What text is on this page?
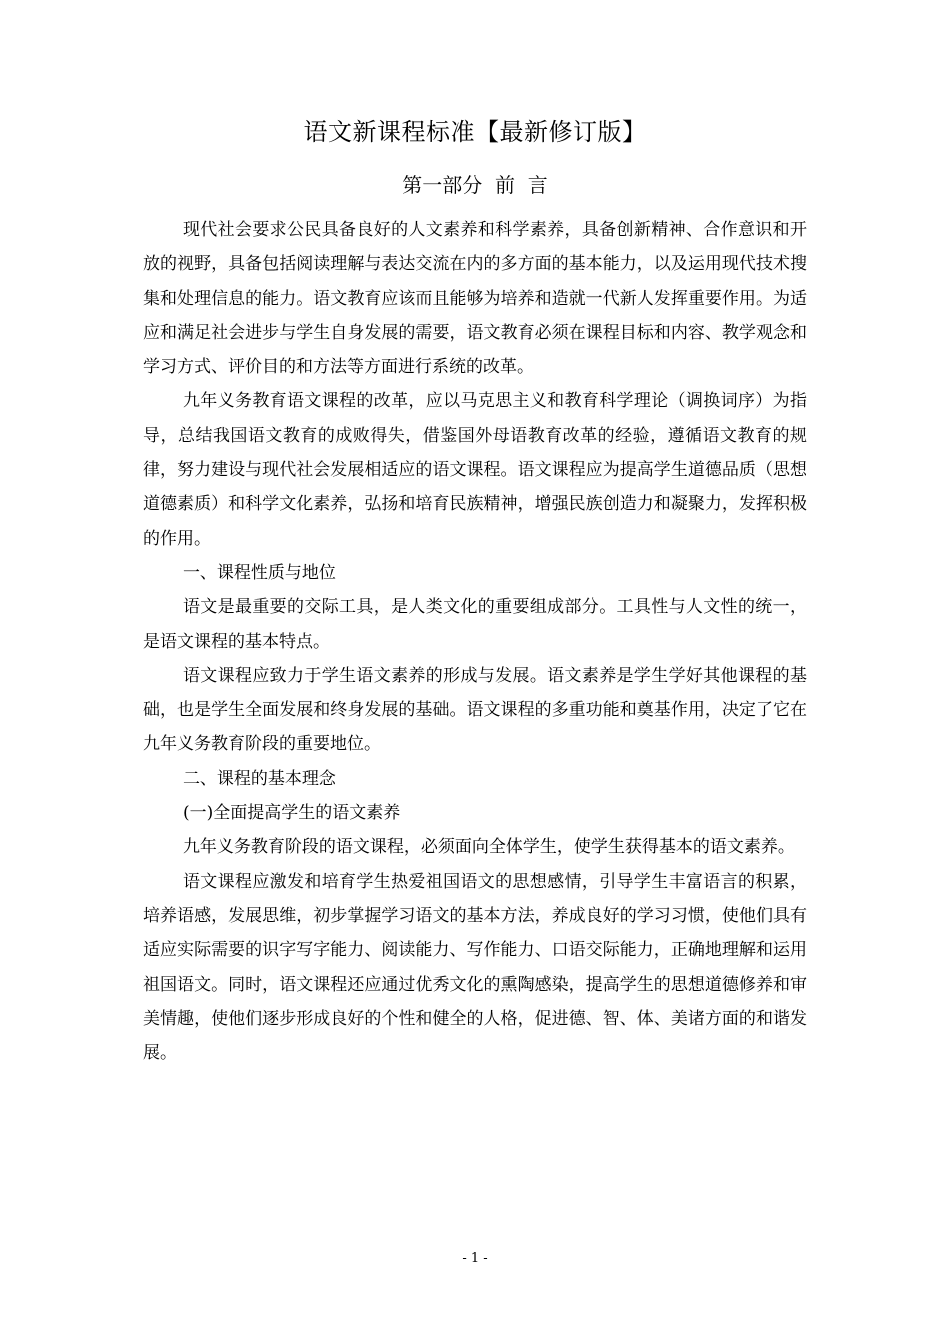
语文新课程标准【最新修订版】
第一部分  前  言

现代社会要求公民具备良好的人文素养和科学素养，具备创新精神、合作意识和开放的视野，具备包括阅读理解与表达交流在内的多方面的基本能力，以及运用现代技术搜集和处理信息的能力。语文教育应该而且能够为培养和造就一代新人发挥重要作用。为适应和满足社会进步与学生自身发展的需要，语文教育必须在课程目标和内容、教学观念和学习方式、评价目的和方法等方面进行系统的改革。

九年义务教育语文课程的改革，应以马克思主义和教育科学理论（调换词序）为指导，总结我国语文教育的成败得失，借鉴国外母语教育改革的经验，遵循语文教育的规律，努力建设与现代社会发展相适应的语文课程。语文课程应为提高学生道德品质（思想道德素质）和科学文化素养，弘扬和培育民族精神，增强民族创造力和凝聚力，发挥积极的作用。

一、课程性质与地位

语文是最重要的交际工具，是人类文化的重要组成部分。工具性与人文性的统一，是语文课程的基本特点。

语文课程应致力于学生语文素养的形成与发展。语文素养是学生学好其他课程的基础，也是学生全面发展和终身发展的基础。语文课程的多重功能和奠基作用，决定了它在九年义务教育阶段的重要地位。

二、课程的基本理念

(一)全面提高学生的语文素养

九年义务教育阶段的语文课程，必须面向全体学生，使学生获得基本的语文素养。

语文课程应激发和培育学生热爱祖国语文的思想感情，引导学生丰富语言的积累，培养语感，发展思维，初步掌握学习语文的基本方法，养成良好的学习习惯，使他们具有适应实际需要的识字写字能力、阅读能力、写作能力、口语交际能力，正确地理解和运用祖国语文。同时，语文课程还应通过优秀文化的熏陶感染，提高学生的思想道德修养和审美情趣，使他们逐步形成良好的个性和健全的人格，促进德、智、体、美诸方面的和谐发展。

- 1 -
